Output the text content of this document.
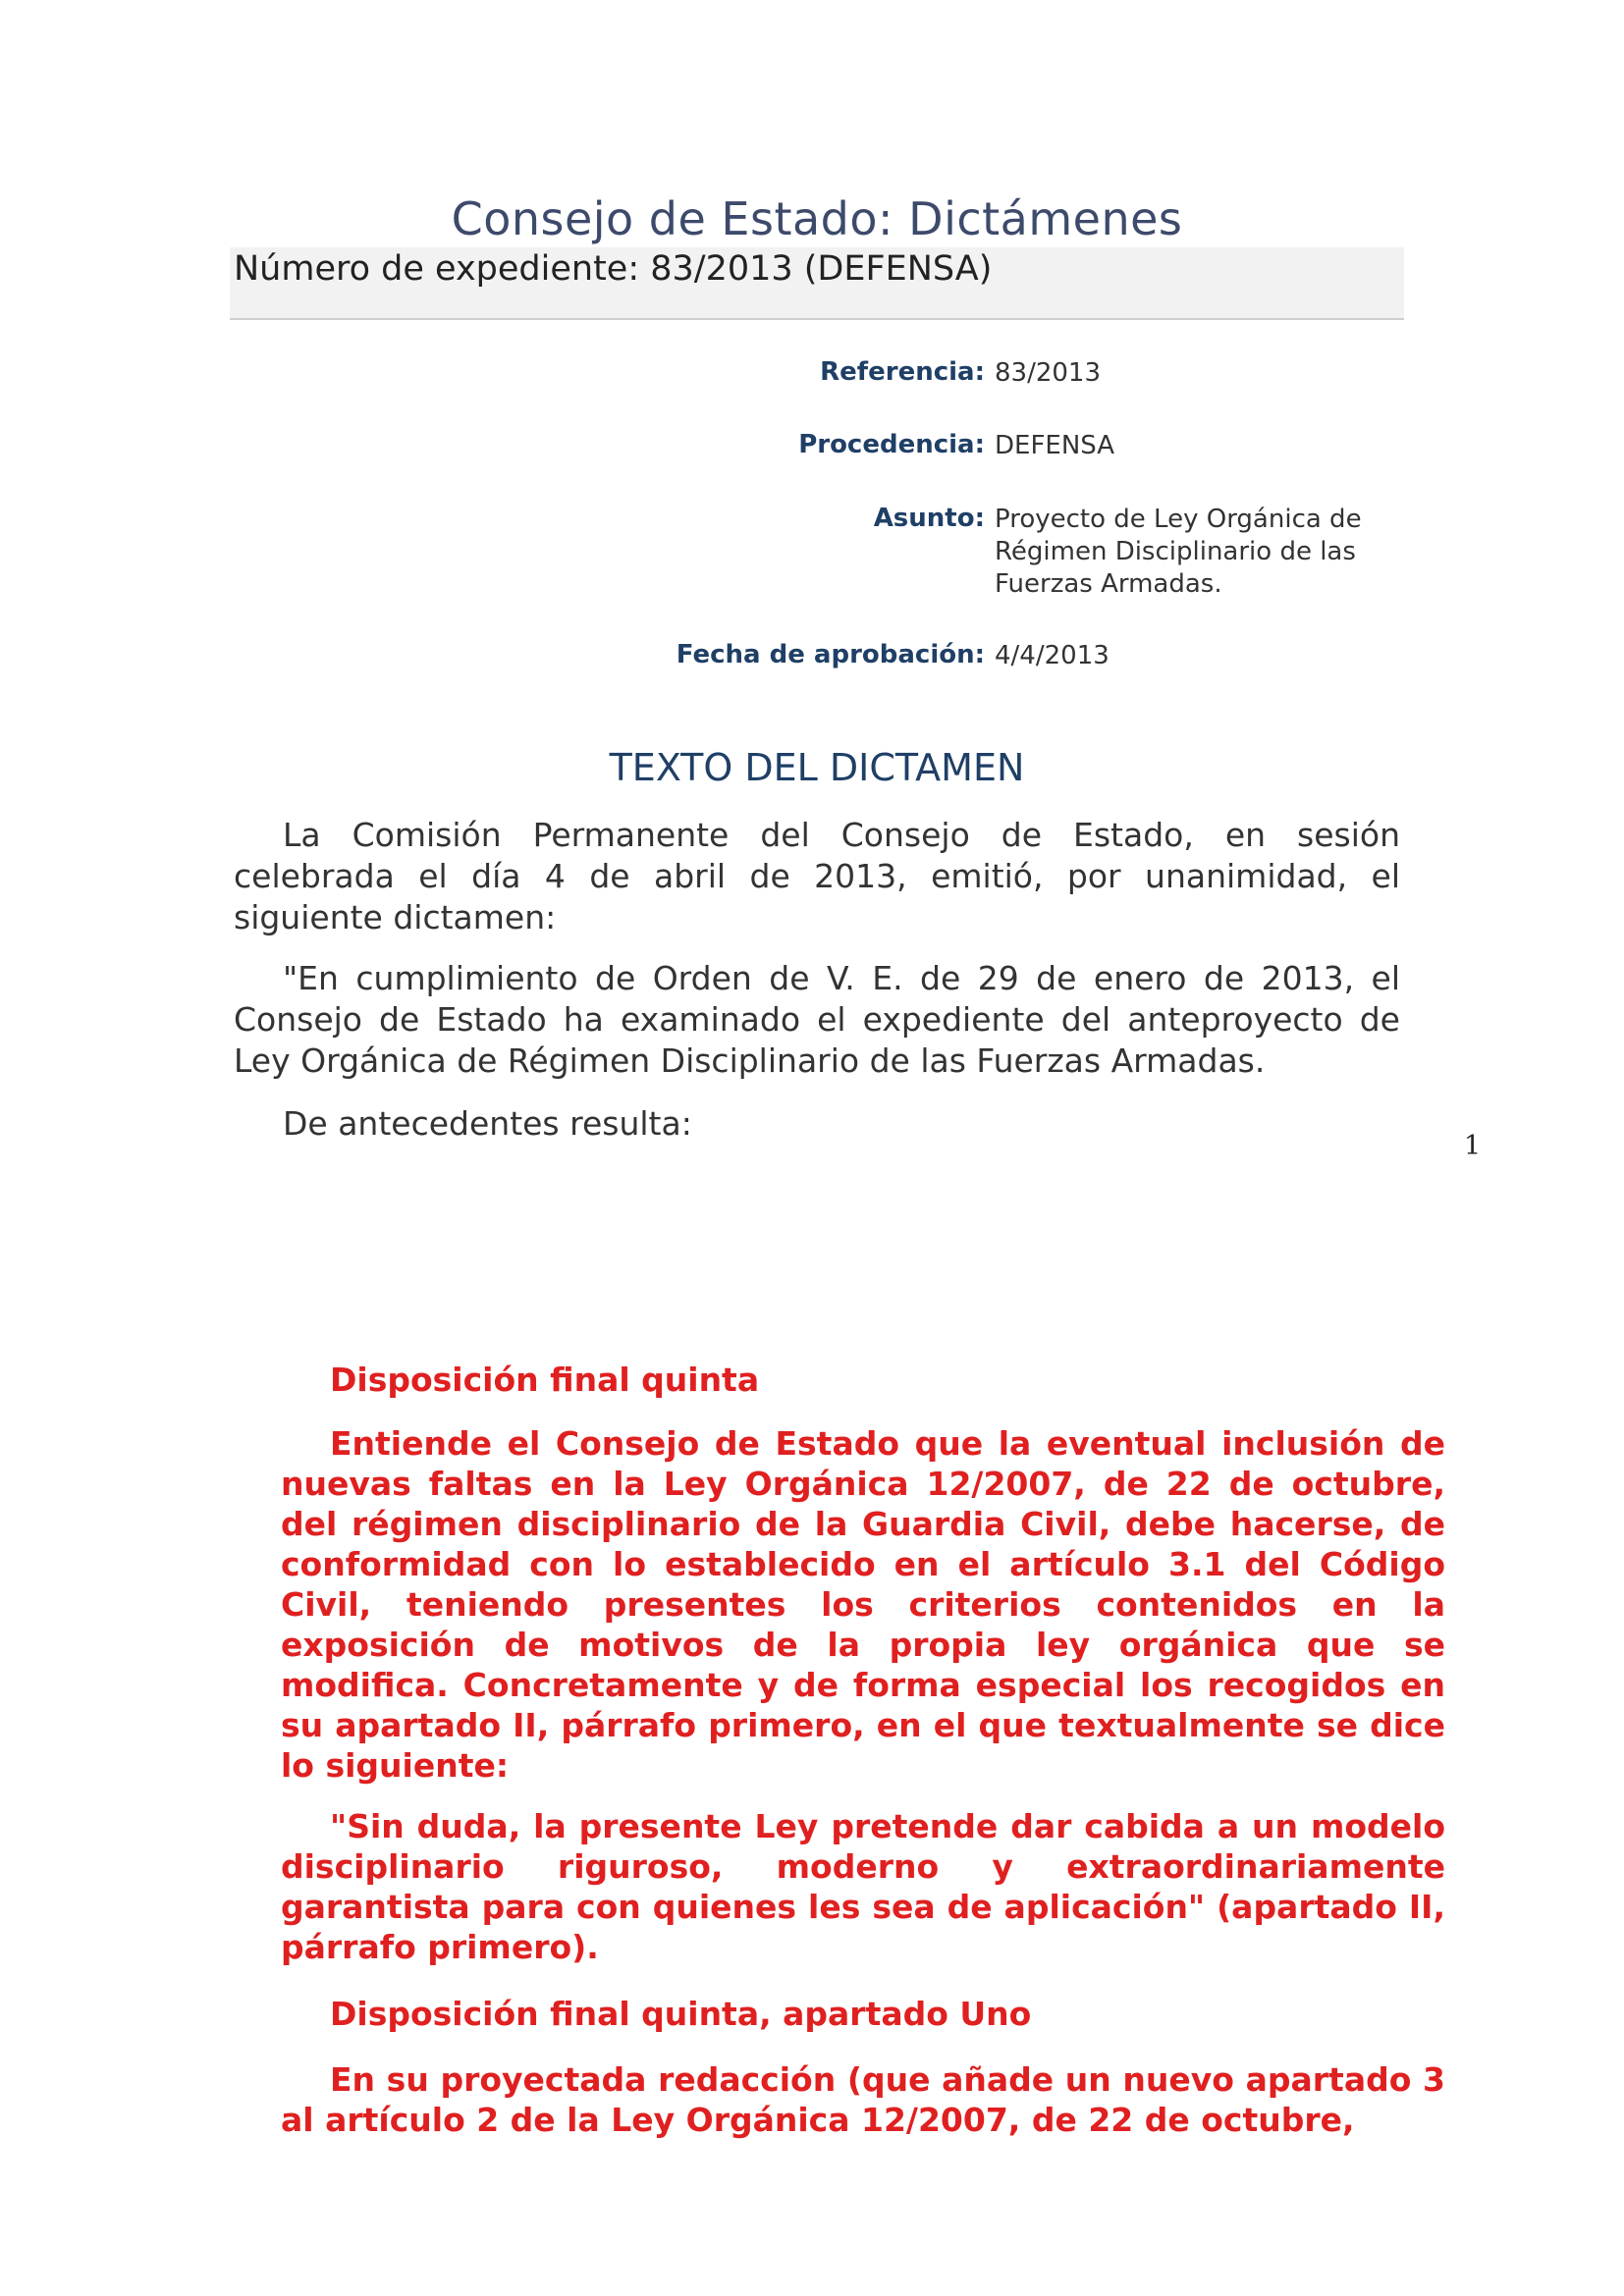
Consejo de Estado: Dictámenes
Número de expediente: 83/2013 (DEFENSA)
Referencia: 83/2013
Procedencia: DEFENSA
Asunto: Proyecto de Ley Orgánica de Régimen Disciplinario de las Fuerzas Armadas.
Fecha de aprobación: 4/4/2013
TEXTO DEL DICTAMEN
La Comisión Permanente del Consejo de Estado, en sesión celebrada el día 4 de abril de 2013, emitió, por unanimidad, el siguiente dictamen:
"En cumplimiento de Orden de V. E. de 29 de enero de 2013, el Consejo de Estado ha examinado el expediente del anteproyecto de Ley Orgánica de Régimen Disciplinario de las Fuerzas Armadas.
De antecedentes resulta:
1
Disposición final quinta
Entiende el Consejo de Estado que la eventual inclusión de nuevas faltas en la Ley Orgánica 12/2007, de 22 de octubre, del régimen disciplinario de la Guardia Civil, debe hacerse, de conformidad con lo establecido en el artículo 3.1 del Código Civil, teniendo presentes los criterios contenidos en la exposición de motivos de la propia ley orgánica que se modifica. Concretamente y de forma especial los recogidos en su apartado II, párrafo primero, en el que textualmente se dice lo siguiente:
"Sin duda, la presente Ley pretende dar cabida a un modelo disciplinario riguroso, moderno y extraordinariamente garantista para con quienes les sea de aplicación" (apartado II, párrafo primero).
Disposición final quinta, apartado Uno
En su proyectada redacción (que añade un nuevo apartado 3 al artículo 2 de la Ley Orgánica 12/2007, de 22 de octubre,
